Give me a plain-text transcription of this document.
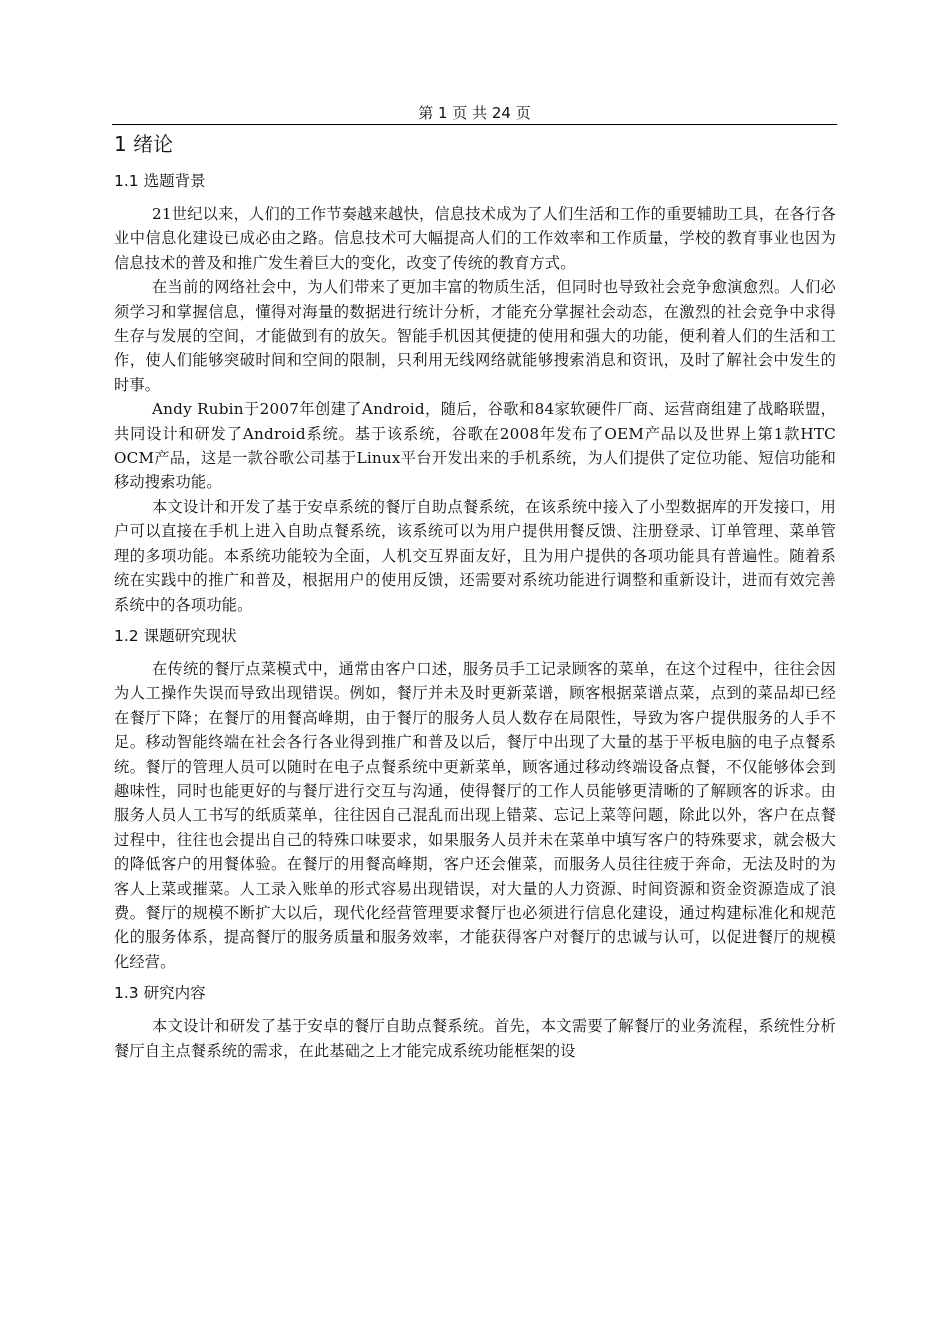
第 1 页 共 24 页
1 绪论
1.1 选题背景

21世纪以来，人们的工作节奏越来越快，信息技术成为了人们生活和工作的重要辅助工具，在各行各业中信息化建设已成必由之路。信息技术可大幅提高人们的工作效率和工作质量，学校的教育事业也因为信息技术的普及和推广发生着巨大的变化，改变了传统的教育方式。

在当前的网络社会中，为人们带来了更加丰富的物质生活，但同时也导致社会竞争愈演愈烈。人们必须学习和掌握信息，懂得对海量的数据进行统计分析，才能充分掌握社会动态，在激烈的社会竞争中求得生存与发展的空间，才能做到有的放矢。智能手机因其便捷的使用和强大的功能，便利着人们的生活和工作，使人们能够突破时间和空间的限制，只利用无线网络就能够搜索消息和资讯，及时了解社会中发生的时事。

Andy Rubin于2007年创建了Android，随后，谷歌和84家软硬件厂商、运营商组建了战略联盟，共同设计和研发了Android系统。基于该系统，谷歌在2008年发布了OEM产品以及世界上第1款HTC OCM产品，这是一款谷歌公司基于Linux平台开发出来的手机系统，为人们提供了定位功能、短信功能和移动搜索功能。

本文设计和开发了基于安卓系统的餐厅自助点餐系统，在该系统中接入了小型数据库的开发接口，用户可以直接在手机上进入自助点餐系统，该系统可以为用户提供用餐反馈、注册登录、订单管理、菜单管理的多项功能。本系统功能较为全面，人机交互界面友好，且为用户提供的各项功能具有普遍性。随着系统在实践中的推广和普及，根据用户的使用反馈，还需要对系统功能进行调整和重新设计，进而有效完善系统中的各项功能。

1.2 课题研究现状

在传统的餐厅点菜模式中，通常由客户口述，服务员手工记录顾客的菜单，在这个过程中，往往会因为人工操作失误而导致出现错误。例如，餐厅并未及时更新菜谱，顾客根据菜谱点菜，点到的菜品却已经在餐厅下降；在餐厅的用餐高峰期，由于餐厅的服务人员人数存在局限性，导致为客户提供服务的人手不足。移动智能终端在社会各行各业得到推广和普及以后，餐厅中出现了大量的基于平板电脑的电子点餐系统。餐厅的管理人员可以随时在电子点餐系统中更新菜单，顾客通过移动终端设备点餐，不仅能够体会到趣味性，同时也能更好的与餐厅进行交互与沟通，使得餐厅的工作人员能够更清晰的了解顾客的诉求。由服务人员人工书写的纸质菜单，往往因自己混乱而出现上错菜、忘记上菜等问题，除此以外，客户在点餐过程中，往往也会提出自己的特殊口味要求，如果服务人员并未在菜单中填写客户的特殊要求，就会极大的降低客户的用餐体验。在餐厅的用餐高峰期，客户还会催菜，而服务人员往往疲于奔命，无法及时的为客人上菜或摧菜。人工录入账单的形式容易出现错误，对大量的人力资源、时间资源和资金资源造成了浪费。餐厅的规模不断扩大以后，现代化经营管理要求餐厅也必须进行信息化建设，通过构建标准化和规范化的服务体系，提高餐厅的服务质量和服务效率，才能获得客户对餐厅的忠诚与认可，以促进餐厅的规模化经营。

1.3 研究内容

本文设计和研发了基于安卓的餐厅自助点餐系统。首先，本文需要了解餐厅的业务流程，系统性分析餐厅自主点餐系统的需求，在此基础之上才能完成系统功能框架的设
